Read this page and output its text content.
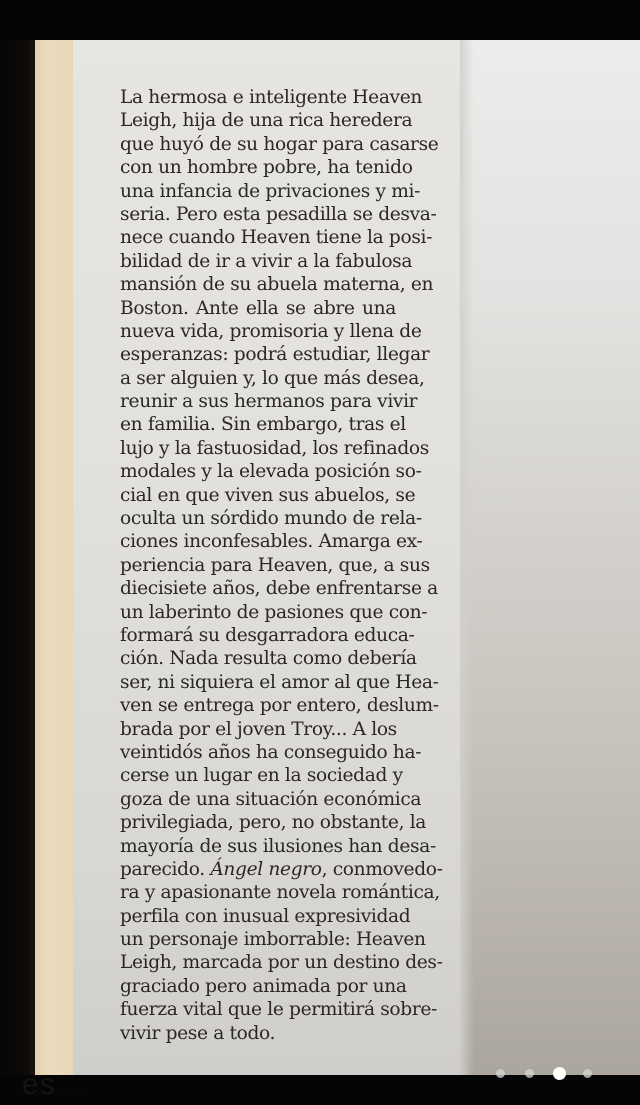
La hermosa e inteligente Heaven
Leigh, hija de una rica heredera
que huyó de su hogar para casarse
con un hombre pobre, ha tenido
una infancia de privaciones y mi-
seria. Pero esta pesadilla se desva-
nece cuando Heaven tiene la posi-
bilidad de ir a vivir a la fabulosa
mansión de su abuela materna, en
Boston. Ante ella se abre una
nueva vida, promisoria y llena de
esperanzas: podrá estudiar, llegar
a ser alguien y, lo que más desea,
reunir a sus hermanos para vivir
en familia. Sin embargo, tras el
lujo y la fastuosidad, los refinados
modales y la elevada posición so-
cial en que viven sus abuelos, se
oculta un sórdido mundo de rela-
ciones inconfesables. Amarga ex-
periencia para Heaven, que, a sus
diecisiete años, debe enfrentarse a
un laberinto de pasiones que con-
formará su desgarradora educa-
ción. Nada resulta como debería
ser, ni siquiera el amor al que Hea-
ven se entrega por entero, deslum-
brada por el joven Troy... A los
veintidós años ha conseguido ha-
cerse un lugar en la sociedad y
goza de una situación económica
privilegiada, pero, no obstante, la
mayoría de sus ilusiones han desa-
parecido. Ángel negro, conmovedo-
ra y apasionante novela romántica,
perfila con inusual expresividad
un personaje imborrable: Heaven
Leigh, marcada por un destino des-
graciado pero animada por una
fuerza vital que le permitirá sobre-
vivir pese a todo.
es.....
